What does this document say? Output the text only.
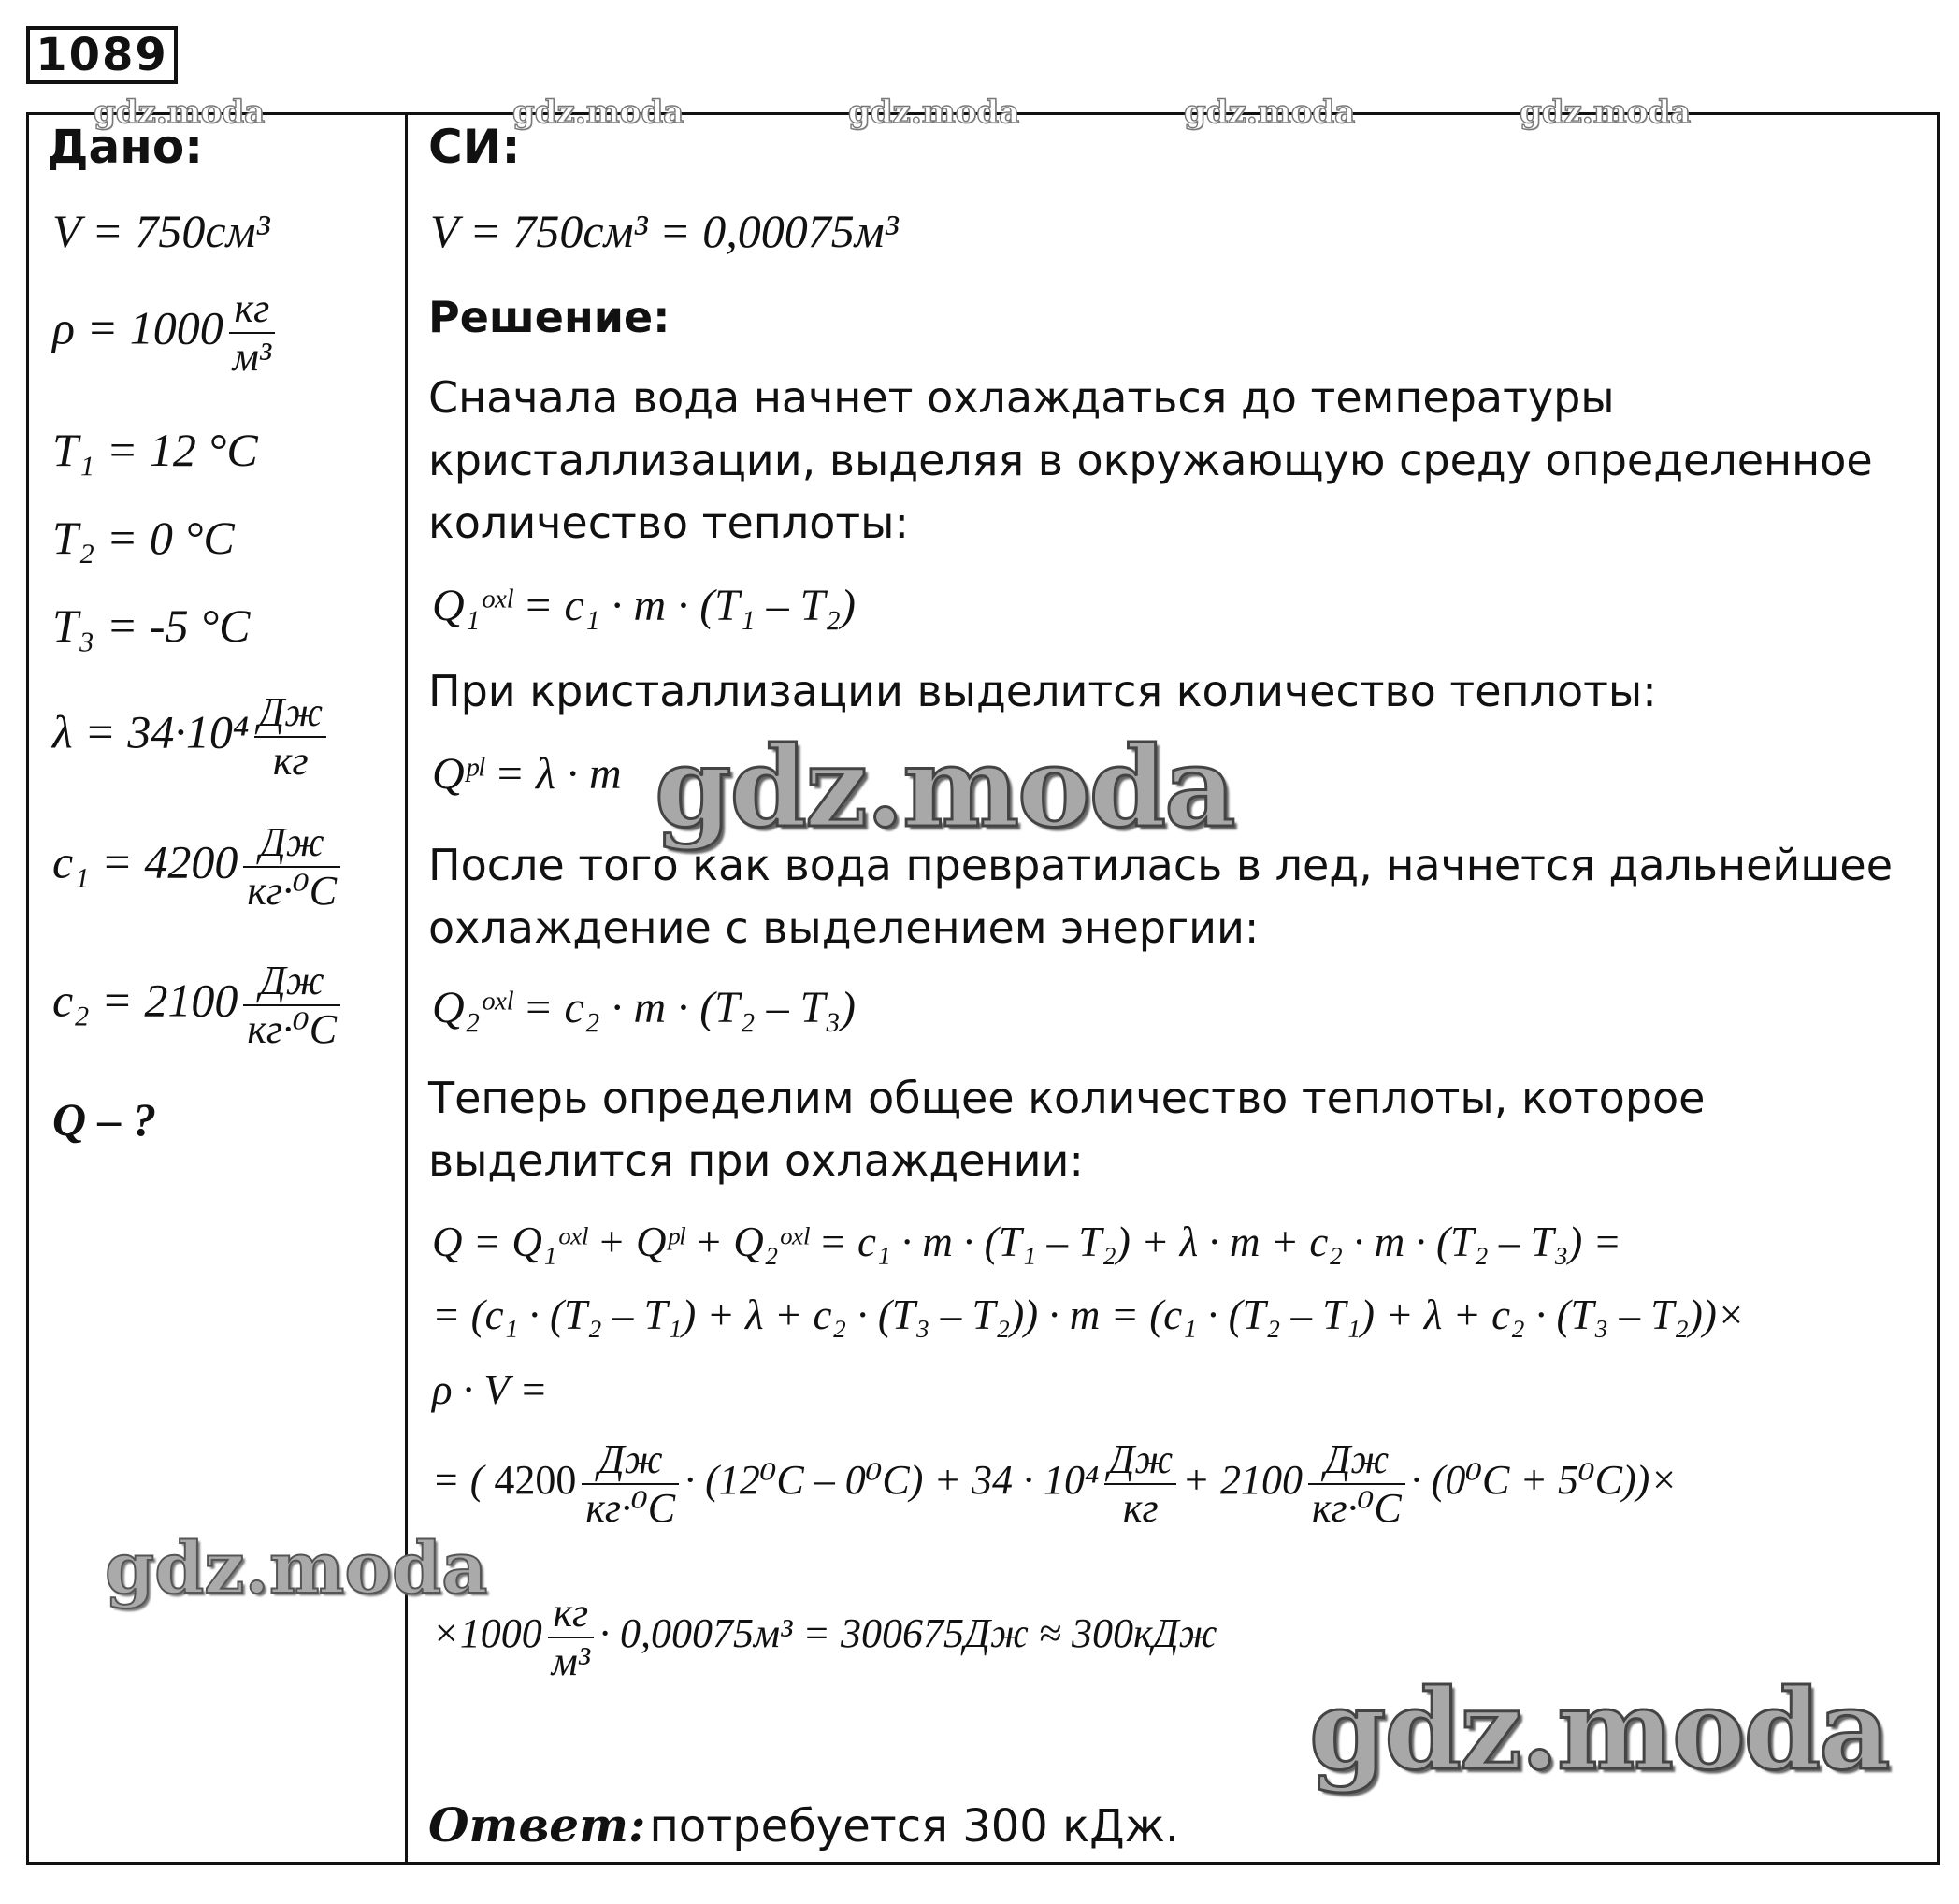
1089
gdz.moda	gdz.moda	gdz.moda	gdz.moda	gdz.moda
Дано:
V = 750см³
$\rho = 1000 \frac{кг}{\text{м³}}$
T₁ = 12 °C
T₂ = 0 °C
T₃ = -5 °C
$\lambda = 34\cdot 10^4 \frac{Дж}{кг}$
$c_1 = 4200 \frac{Дж}{\text{кг·⁰C}}$
$c_2 = 2100 \frac{Дж}{\text{кг·⁰C}}$
Q – ?
СИ:
V = 750см³ = 0,00075м³
Решение:
Сначала вода начнет охлаждаться до температуры
кристаллизации, выделяя в окружающую среду определенное
количество теплоты:
Q₁ᵒˣˡ = c₁ · m · (T₁ – T₂)
При кристаллизации выделится количество теплоты:
Qᵖˡ = λ · m
После того как вода превратилась в лед, начнется дальнейшее
охлаждение с выделением энергии:
Q₂ᵒˣˡ = c₂ · m · (T₂ – T₃)
Теперь определим общее количество теплоты, которое
выделится при охлаждении:
Q = Q₁ᵒˣˡ + Qᵖˡ + Q₂ᵒˣˡ = c₁ · m · (T₁ – T₂) + λ · m + c₂ · m · (T₂ – T₃) =
= (c₁ · (T₂ – T₁) + λ + c₂ · (T₃ – T₂)) · m = (c₁ · (T₂ – T₁) + λ + c₂ · (T₃ – T₂))×
ρ · V =
= ( $4200 \frac{Дж}{\text{кг·⁰C}} \cdot (12^0C - 0^0C) + 34 \cdot 10^4 \frac{Дж}{кг} + 2100 \frac{Дж}{\text{кг·⁰C}} \cdot (0^0C + 5^0C))\times$
$\times 1000 \frac{кг}{\text{м³}} \cdot 0,00075м^3 = 300675Дж \approx 300кДж$
Ответ: потребуется 300 кДж.
gdz.moda
gdz.moda
gdz.moda
